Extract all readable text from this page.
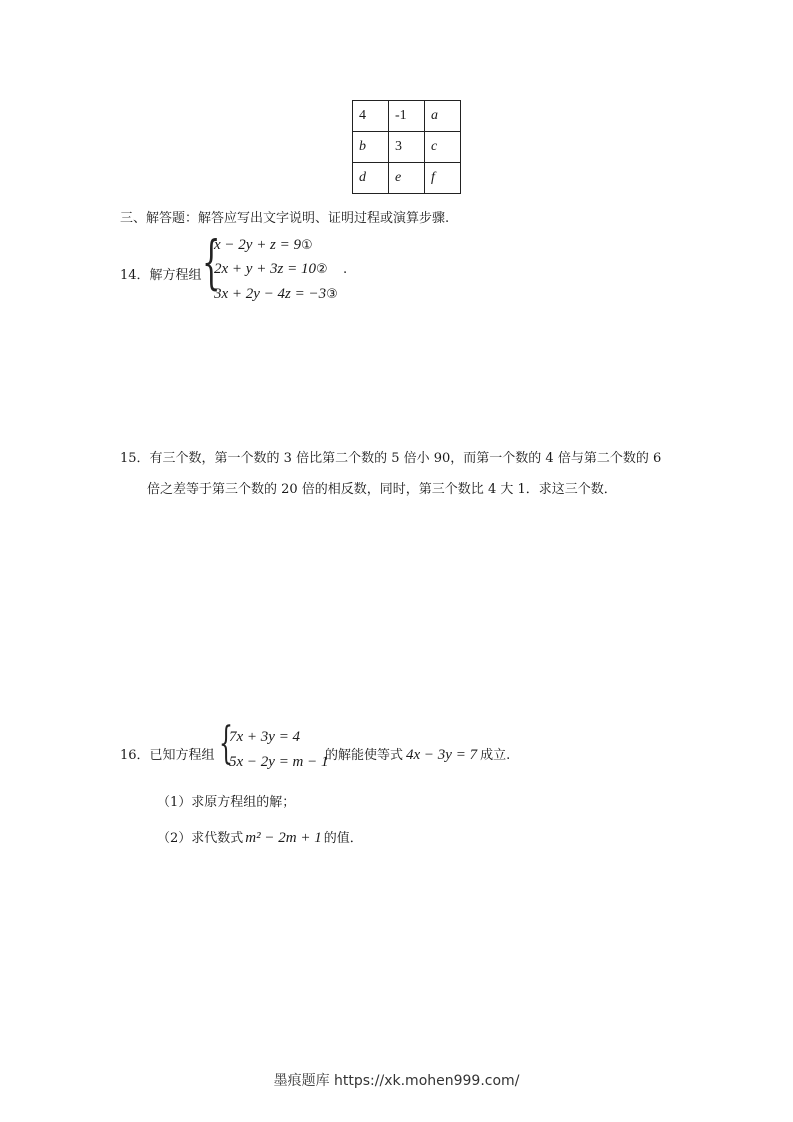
4	-1	a
b	3	c
d	e	f
三、解答题：解答应写出文字说明、证明过程或演算步骤.
14．解方程组 {
x − 2y + z = 9①
2x + y + 3z = 10②
3x + 2y − 4z = −3③
.
15．有三个数，第一个数的 3 倍比第二个数的 5 倍小 90，而第一个数的 4 倍与第二个数的 6
倍之差等于第三个数的 20 倍的相反数，同时，第三个数比 4 大 1．求这三个数．
16．已知方程组 {
7x + 3y = 4
5x − 2y = m − 1
的解能使等式 4x − 3y = 7 成立.
（1）求原方程组的解；
（2）求代数式 m² − 2m + 1 的值．
墨痕题库 https://xk.mohen999.com/
